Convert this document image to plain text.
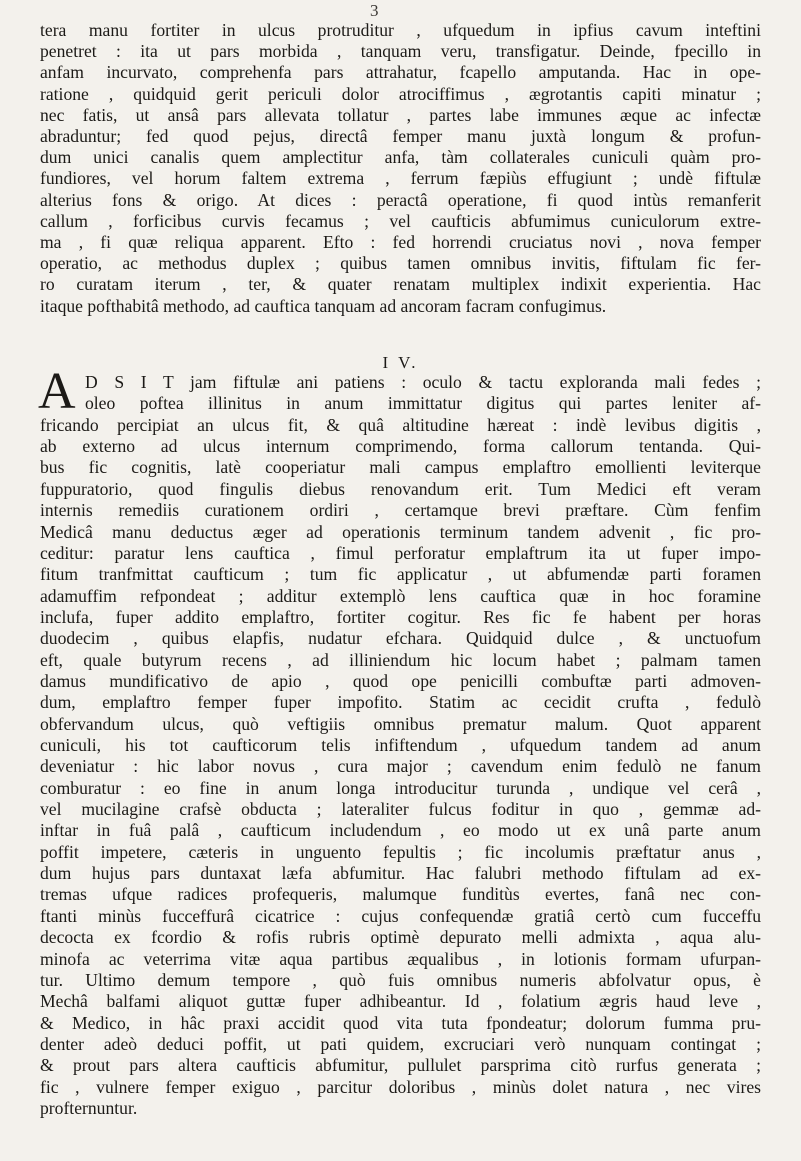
3
I V.
A
tera manu fortiter in ulcus protruditur , ufquedum in ipfius cavum inteftini
penetret : ita ut pars morbida , tanquam veru, transfigatur. Deinde, fpecillo in
anfam incurvato, comprehenfa pars attrahatur, fcapello amputanda. Hac in ope-
ratione , quidquid gerit periculi dolor atrociffimus , ægrotantis capiti minatur ;
nec fatis, ut ansâ pars allevata tollatur , partes labe immunes æque ac infectæ
abraduntur; fed quod pejus, directâ femper manu juxtà longum & profun-
dum unici canalis quem amplectitur anfa, tàm collaterales cuniculi quàm pro-
fundiores, vel horum faltem extrema , ferrum fæpiùs effugiunt ; undè fiftulæ
alterius fons & origo. At dices : peractâ operatione, fi quod intùs remanferit
callum , forficibus curvis fecamus ; vel caufticis abfumimus cuniculorum extre-
ma , fi quæ reliqua apparent. Efto : fed horrendi cruciatus novi , nova femper
operatio, ac methodus duplex ; quibus tamen omnibus invitis, fiftulam fic fer-
ro curatam iterum , ter, & quater renatam multiplex indixit experientia. Hac
itaque pofthabitâ methodo, ad cauftica tanquam ad ancoram facram confugimus.
D S I T jam fiftulæ ani patiens : oculo & tactu exploranda mali fedes ;
oleo poftea illinitus in anum immittatur digitus qui partes leniter af-
fricando percipiat an ulcus fit, & quâ altitudine hæreat : indè levibus digitis ,
ab externo ad ulcus internum comprimendo, forma callorum tentanda. Qui-
bus fic cognitis, latè cooperiatur mali campus emplaftro emollienti leviterque
fuppuratorio, quod fingulis diebus renovandum erit. Tum Medici eft veram
internis remediis curationem ordiri , certamque brevi præftare. Cùm fenfim
Medicâ manu deductus æger ad operationis terminum tandem advenit , fic pro-
ceditur: paratur lens cauftica , fimul perforatur emplaftrum ita ut fuper impo-
fitum tranfmittat caufticum ; tum fic applicatur , ut abfumendæ parti foramen
adamuffim refpondeat ; additur extemplò lens cauftica quæ in hoc foramine
inclufa, fuper addito emplaftro, fortiter cogitur. Res fic fe habent per horas
duodecim , quibus elapfis, nudatur efchara. Quidquid dulce , & unctuofum
eft, quale butyrum recens , ad illiniendum hic locum habet ; palmam tamen
damus mundificativo de apio , quod ope penicilli combuftæ parti admoven-
dum, emplaftro femper fuper impofito. Statim ac cecidit crufta , fedulò
obfervandum ulcus, quò veftigiis omnibus prematur malum. Quot apparent
cuniculi, his tot caufticorum telis infiftendum , ufquedum tandem ad anum
deveniatur : hic labor novus , cura major ; cavendum enim fedulò ne fanum
comburatur : eo fine in anum longa introducitur turunda , undique vel cerâ ,
vel mucilagine crafsè obducta ; lateraliter fulcus foditur in quo , gemmæ ad-
inftar in fuâ palâ , caufticum includendum , eo modo ut ex unâ parte anum
poffit impetere, cæteris in unguento fepultis ; fic incolumis præftatur anus ,
dum hujus pars duntaxat læfa abfumitur. Hac falubri methodo fiftulam ad ex-
tremas ufque radices profequeris, malumque funditùs evertes, fanâ nec con-
ftanti minùs fucceffurâ cicatrice : cujus confequendæ gratiâ certò cum fucceffu
decocta ex fcordio & rofis rubris optimè depurato melli admixta , aqua alu-
minofa ac veterrima vitæ aqua partibus æqualibus , in lotionis formam ufurpan-
tur. Ultimo demum tempore , quò fuis omnibus numeris abfolvatur opus, è
Mechâ balfami aliquot guttæ fuper adhibeantur. Id , folatium ægris haud leve ,
& Medico, in hâc praxi accidit quod vita tuta fpondeatur; dolorum fumma pru-
denter adeò deduci poffit, ut pati quidem, excruciari verò nunquam contingat ;
& prout pars altera caufticis abfumitur, pullulet parsprima citò rurfus generata ;
fic , vulnere femper exiguo , parcitur doloribus , minùs dolet natura , nec vires
profternuntur.
